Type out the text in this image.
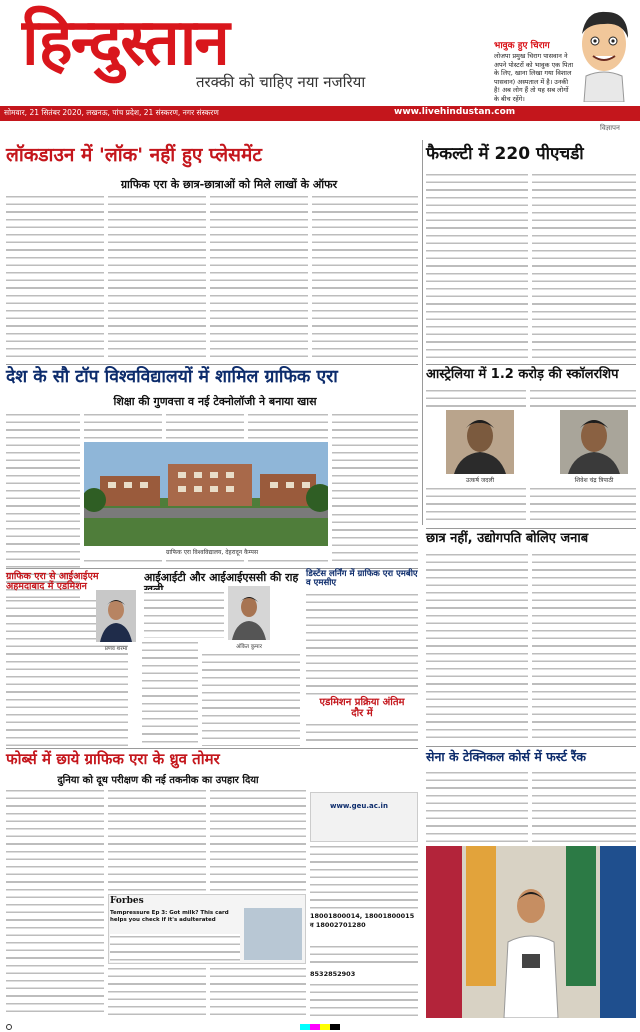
हिन्दुस्तान
तरक्की को चाहिए नया नजरिया
भावुक हुए चिराग
लोजपा प्रमुख चिराग पासवान ने अपने पोस्टरों को भावुक एक पिता के लिए, खाना लिखा गया विशाल पासवान) अस्पताल में है। उनकी है! अब लोग हैं तो यह सब लोगों के बीच रहेंगे।
सोमवार, 21 सितंबर 2020, लखनऊ, पांच प्रदेश, 21 संस्करण, नगर संस्करण	www.livehindustan.com
विज्ञापन
लॉकडाउन में 'लॉक' नहीं हुए प्लेसमेंट
ग्राफिक एरा के छात्र-छात्राओं को मिले लाखों के ऑफर
फैकल्टी में 220 पीएचडी
आस्ट्रेलिया में 1.2 करोड़ की स्कॉलरशिप
उत्कर्ष जदली	शिवेश चंद्र त्रिपाठी
देश के सौ टॉप विश्वविद्यालयों में शामिल ग्राफिक एरा
शिक्षा की गुणवत्ता व नई टेक्नोलॉजी ने बनाया खास
ग्राफिक एरा विश्वविद्यालय, देहरादून कैम्पस
छात्र नहीं, उद्योगपति बोलिए जनाब
ग्राफिक एरा से आईआईएम अहमदाबाद में एडमिशन
प्रणव शरमा
आईआईटी और आईआईएससी की राह
अंकित कुमार
डिस्टेंस लर्निंग में ग्राफिक एरा एमबीए व एमसीए
एडमिशन प्रक्रिया अंतिम दौर में
फोर्ब्स में छाये ग्राफिक एरा के ध्रुव तोमर
दुनिया को दूध परीक्षण की नई तकनीक का उपहार दिया
Forbes
Tempressure Ep 3: Got milk? This card helps you check if it's adulterated
www.geu.ac.in
18001800014, 18001800015 व 18002701280
8532852903
सेना के टेक्निकल कोर्स में फर्स्ट रैंक
